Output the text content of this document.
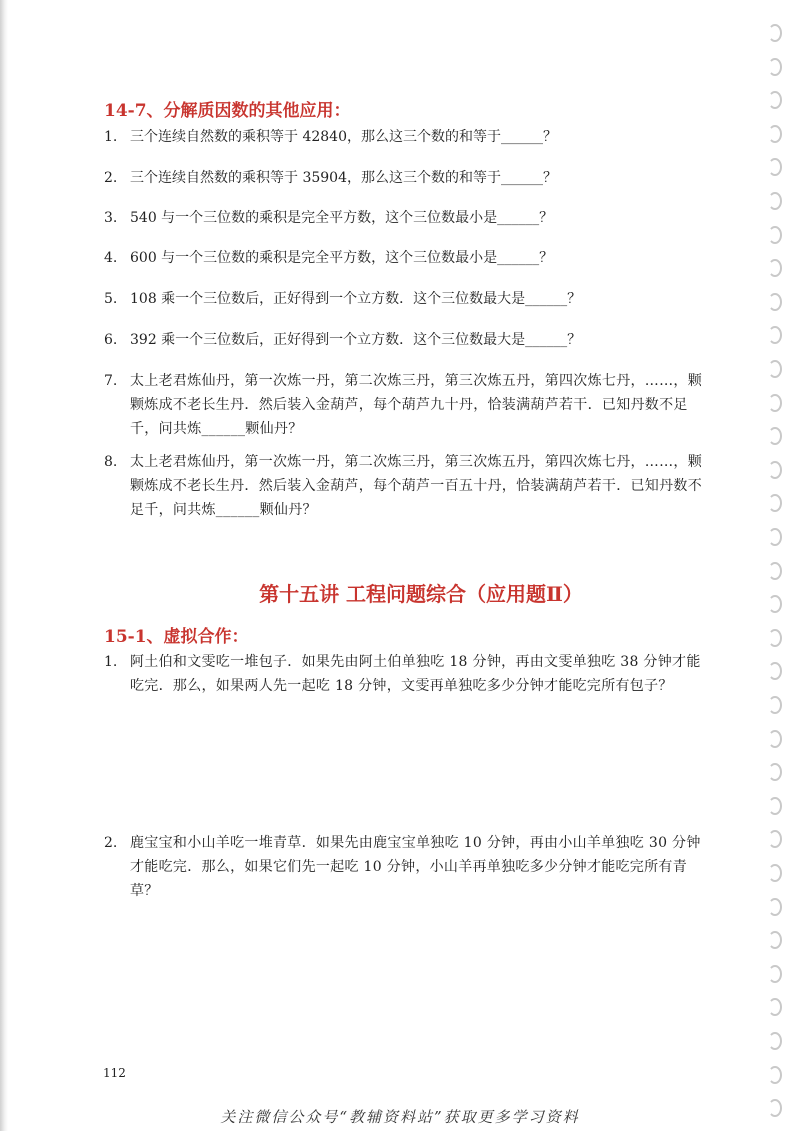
14-7、分解质因数的其他应用：
1. 三个连续自然数的乘积等于 42840，那么这三个数的和等于______？
2. 三个连续自然数的乘积等于 35904，那么这三个数的和等于______？
3. 540 与一个三位数的乘积是完全平方数，这个三位数最小是______？
4. 600 与一个三位数的乘积是完全平方数，这个三位数最小是______？
5. 108 乘一个三位数后，正好得到一个立方数．这个三位数最大是______？
6. 392 乘一个三位数后，正好得到一个立方数．这个三位数最大是______？
7. 太上老君炼仙丹，第一次炼一丹，第二次炼三丹，第三次炼五丹，第四次炼七丹，……，颗颗炼成不老长生丹．然后装入金葫芦，每个葫芦九十丹，恰装满葫芦若干．已知丹数不足千，问共炼______颗仙丹？
8. 太上老君炼仙丹，第一次炼一丹，第二次炼三丹，第三次炼五丹，第四次炼七丹，……，颗颗炼成不老长生丹．然后装入金葫芦，每个葫芦一百五十丹，恰装满葫芦若干．已知丹数不足千，问共炼______颗仙丹？
第十五讲 工程问题综合（应用题Ⅱ）
15-1、虚拟合作：
1. 阿土伯和文雯吃一堆包子．如果先由阿土伯单独吃 18 分钟，再由文雯单独吃 38 分钟才能吃完．那么，如果两人先一起吃 18 分钟，文雯再单独吃多少分钟才能吃完所有包子？
2. 鹿宝宝和小山羊吃一堆青草．如果先由鹿宝宝单独吃 10 分钟，再由小山羊单独吃 30 分钟才能吃完．那么，如果它们先一起吃 10 分钟，小山羊再单独吃多少分钟才能吃完所有青草？
112
关注微信公众号“教辅资料站”获取更多学习资料
